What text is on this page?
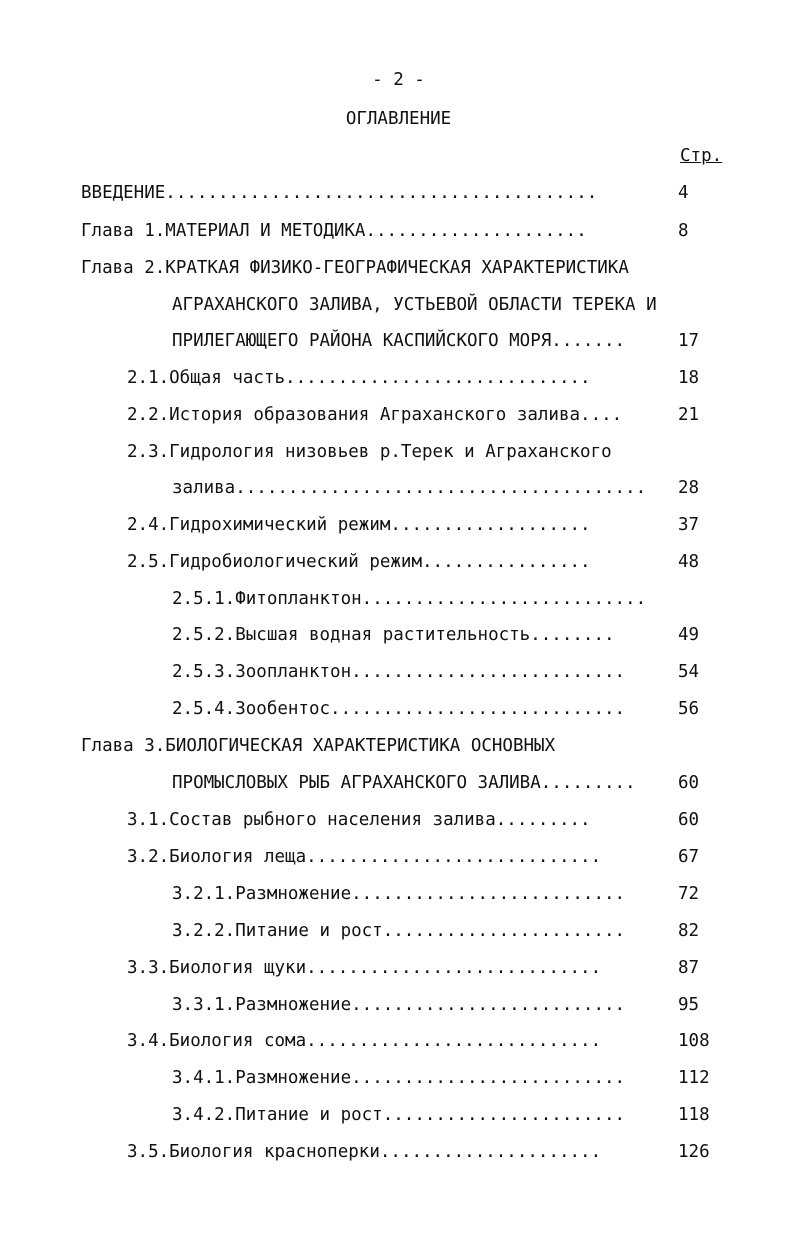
- 2 -
ОГЛАВЛЕНИЕ
Стр.
ВВЕДЕНИЕ.........................................	4
Глава 1.МАТЕРИАЛ И МЕТОДИКА.....................	8
Глава 2.КРАТКАЯ ФИЗИКО-ГЕОГРАФИЧЕСКАЯ ХАРАКТЕРИСТИКА
АГРАХАНСКОГО ЗАЛИВА, УСТЬЕВОЙ ОБЛАСТИ ТЕРЕКА И
ПРИЛЕГАЮЩЕГО РАЙОНА КАСПИЙСКОГО МОРЯ.......	17
2.1.Общая часть.............................	18
2.2.История образования Аграханского залива....	21
2.3.Гидрология низовьев р.Терек и Аграханского
залива....................................... 28
2.4.Гидрохимический режим...................	37
2.5.Гидробиологический режим................	48
2.5.1.Фитопланктон...........................
2.5.2.Высшая водная растительность........	49
2.5.3.Зоопланктон..........................	54
2.5.4.Зообентос............................	56
Глава 3.БИОЛОГИЧЕСКАЯ ХАРАКТЕРИСТИКА ОСНОВНЫХ
ПРОМЫСЛОВЫХ РЫБ АГРАХАНСКОГО ЗАЛИВА......... 60
3.1.Состав рыбного населения залива.........	60
3.2.Биология леща............................	67
3.2.1.Размножение..........................	72
3.2.2.Питание и рост.......................	82
3.3.Биология щуки............................	87
3.3.1.Размножение..........................	95
3.4.Биология сома............................	108
3.4.1.Размножение..........................	112
3.4.2.Питание и рост.......................	118
3.5.Биология красноперки.....................	126
